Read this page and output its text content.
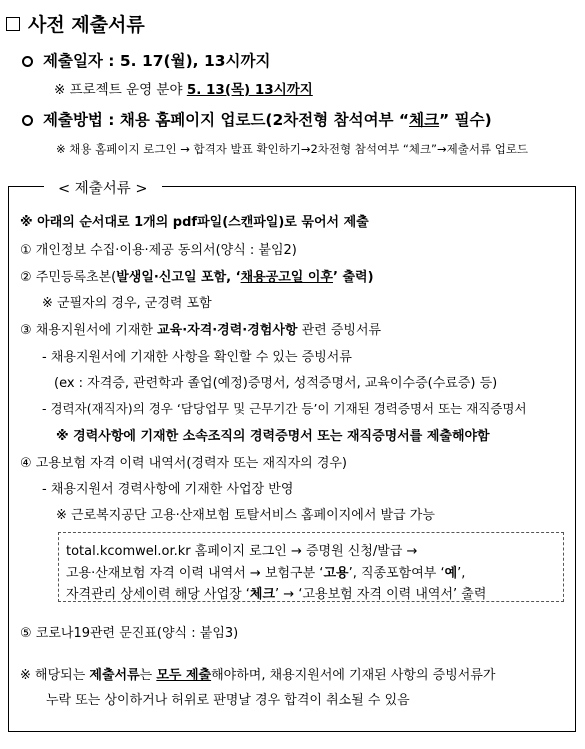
사전 제출서류
제출일자 : 5. 17(월), 13시까지
※ 프로젝트 운영 분야 5. 13(목) 13시까지
제출방법 : 채용 홈페이지 업로드(2차전형 참석여부 “체크” 필수)
※ 채용 홈페이지 로그인 → 합격자 발표 확인하기→2차전형 참석여부 “체크”→제출서류 업로드
< 제출서류 >
※ 아래의 순서대로 1개의 pdf파일(스캔파일)로 묶어서 제출
① 개인정보 수집·이용·제공 동의서(양식 : 붙임2)
② 주민등록초본(발생일·신고일 포함, ‘채용공고일 이후’ 출력)
※ 군필자의 경우, 군경력 포함
③ 채용지원서에 기재한 교육·자격·경력·경험사항 관련 증빙서류
- 채용지원서에 기재한 사항을 확인할 수 있는 증빙서류
(ex : 자격증, 관련학과 졸업(예정)증명서, 성적증명서, 교육이수증(수료증) 등)
- 경력자(재직자)의 경우 ‘담당업무 및 근무기간 등’이 기재된 경력증명서 또는 재직증명서
※ 경력사항에 기재한 소속조직의 경력증명서 또는 재직증명서를 제출해야함
④ 고용보험 자격 이력 내역서(경력자 또는 재직자의 경우)
- 채용지원서 경력사항에 기재한 사업장 반영
※ 근로복지공단 고용·산재보험 토탈서비스 홈페이지에서 발급 가능
total.kcomwel.or.kr 홈페이지 로그인 → 증명원 신청/발급 →
고용·산재보험 자격 이력 내역서 → 보험구분 ‘고용’, 직종포함여부 ‘예’,
자격관리 상세이력 해당 사업장 ‘체크’ → ‘고용보험 자격 이력 내역서’ 출력
⑤ 코로나19관련 문진표(양식 : 붙임3)
※ 해당되는 제출서류는 모두 제출해야하며, 채용지원서에 기재된 사항의 증빙서류가
누락 또는 상이하거나 허위로 판명날 경우 합격이 취소될 수 있음
